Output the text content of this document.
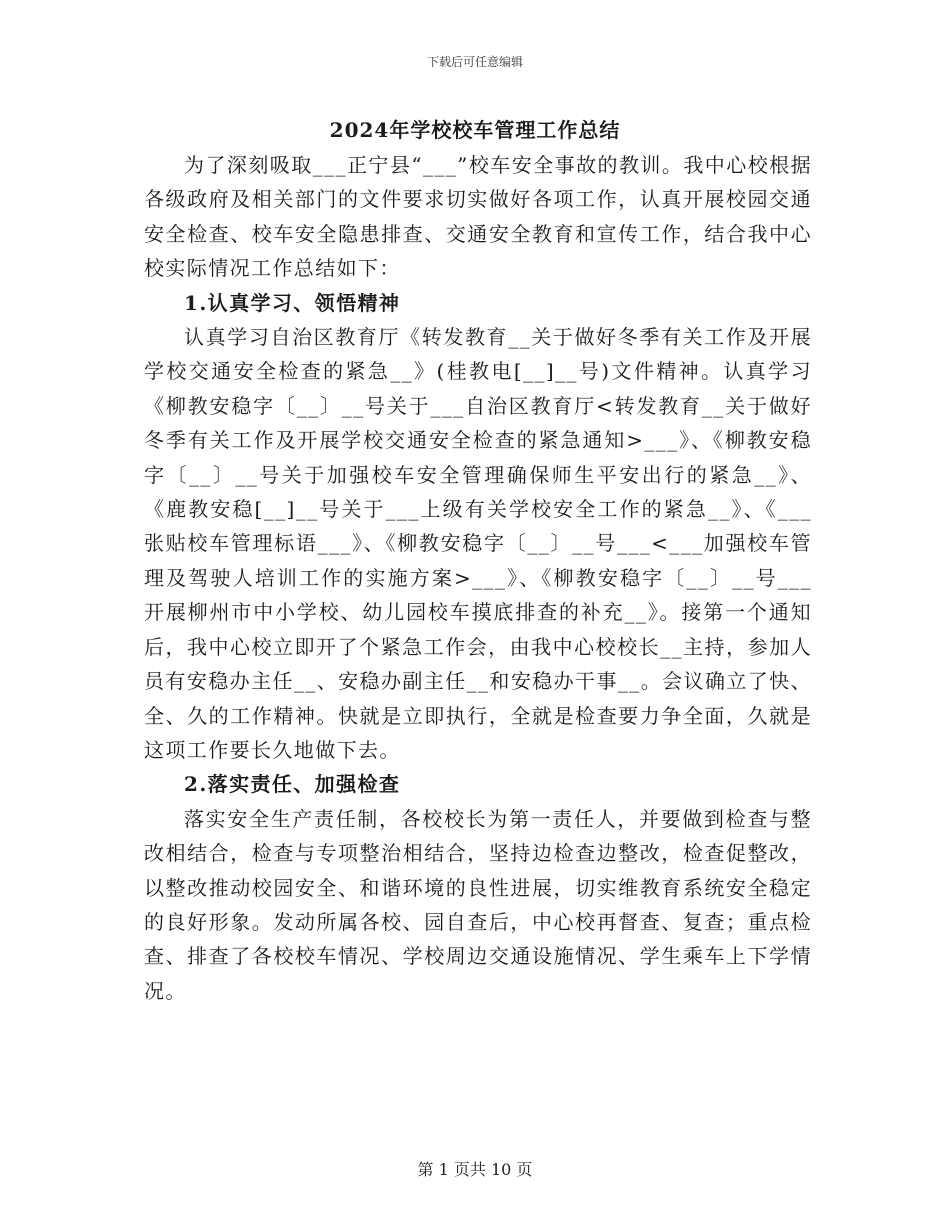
下载后可任意编辑
2024年学校校车管理工作总结

为了深刻吸取___正宁县“___”校车安全事故的教训。我中心校根据各级政府及相关部门的文件要求切实做好各项工作，认真开展校园交通安全检查、校车安全隐患排查、交通安全教育和宣传工作，结合我中心校实际情况工作总结如下：

1.认真学习、领悟精神

认真学习自治区教育厅《转发教育__关于做好冬季有关工作及开展学校交通安全检查的紧急__》(桂教电[__]__号)文件精神。认真学习《柳教安稳字〔__〕__号关于___自治区教育厅<转发教育__关于做好冬季有关工作及开展学校交通安全检查的紧急通知>___》、《柳教安稳字〔__〕__号关于加强校车安全管理确保师生平安出行的紧急__》、《鹿教安稳[__]__号关于___上级有关学校安全工作的紧急__》、《___张贴校车管理标语___》、《柳教安稳字〔__〕__号___<___加强校车管理及驾驶人培训工作的实施方案>___》、《柳教安稳字〔__〕__号___开展柳州市中小学校、幼儿园校车摸底排查的补充__》。接第一个通知后，我中心校立即开了个紧急工作会，由我中心校校长__主持，参加人员有安稳办主任__、安稳办副主任__和安稳办干事__。会议确立了快、全、久的工作精神。快就是立即执行，全就是检查要力争全面，久就是这项工作要长久地做下去。

2.落实责任、加强检查

落实安全生产责任制，各校校长为第一责任人，并要做到检查与整改相结合，检查与专项整治相结合，坚持边检查边整改，检查促整改，以整改推动校园安全、和谐环境的良性进展，切实维教育系统安全稳定的良好形象。发动所属各校、园自查后，中心校再督查、复查；重点检查、排查了各校校车情况、学校周边交通设施情况、学生乘车上下学情况。

第 1 页共 10 页
